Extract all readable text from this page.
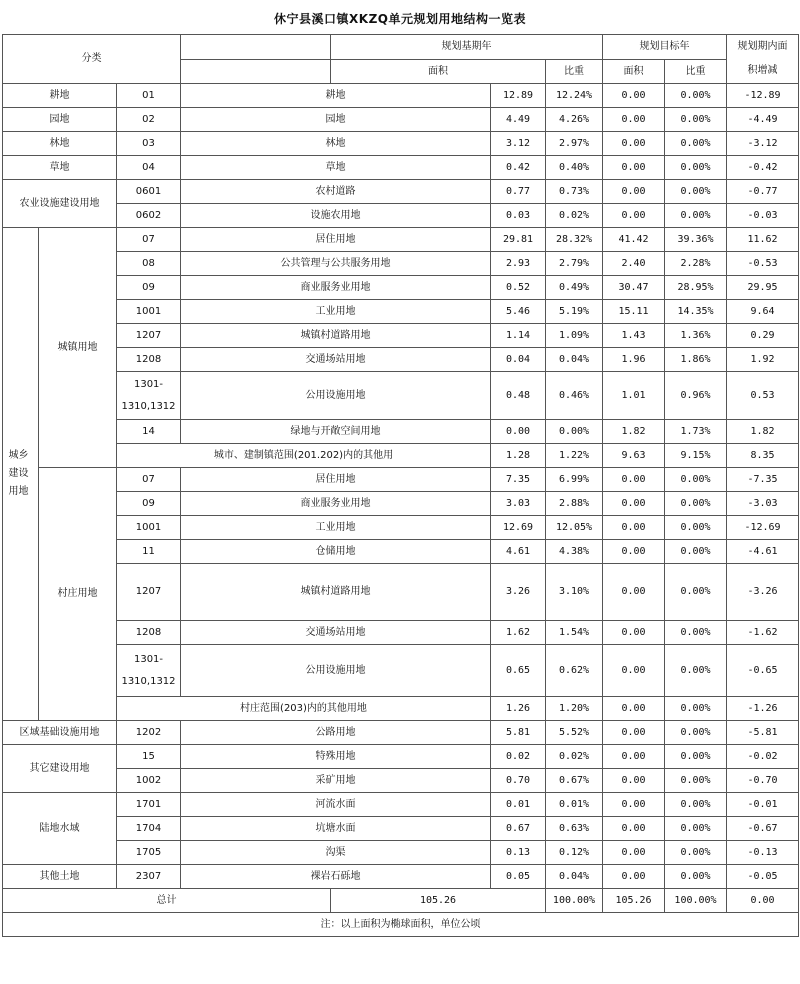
休宁县溪口镇XKZQ单元规划用地结构一览表
分类				规划基期年			规划目标年		规划期内面
				面积		比重	面积	比重	积增减
耕地		01	耕地		12.89	12.24%	0.00	0.00%	-12.89
园地		02	园地		4.49	4.26%	0.00	0.00%	-4.49
林地		03	林地		3.12	2.97%	0.00	0.00%	-3.12
草地		04	草地		0.42	0.40%	0.00	0.00%	-0.42
农业设施建设用地		0601	农村道路		0.77	0.73%	0.00	0.00%	-0.77
		0602	设施农用地		0.03	0.02%	0.00	0.00%	-0.03
城乡建设用地	城镇用地	07	居住用地		29.81	28.32%	41.42	39.36%	11.62
		08	公共管理与公共服务用地		2.93	2.79%	2.40	2.28%	-0.53
		09	商业服务业用地		0.52	0.49%	30.47	28.95%	29.95
		1001	工业用地		5.46	5.19%	15.11	14.35%	9.64
		1207	城镇村道路用地		1.14	1.09%	1.43	1.36%	0.29
		1208	交通场站用地		0.04	0.04%	1.96	1.86%	1.92
		1301-
1310,1312	公用设施用地		0.48	0.46%	1.01	0.96%	0.53
		14	绿地与开敞空间用地		0.00	0.00%	1.82	1.73%	1.82
		城市、建制镇范围(201.202)内的其他用			1.28	1.22%	9.63	9.15%	8.35
	村庄用地	07	居住用地		7.35	6.99%	0.00	0.00%	-7.35
		09	商业服务业用地		3.03	2.88%	0.00	0.00%	-3.03
		1001	工业用地		12.69	12.05%	0.00	0.00%	-12.69
		11	仓储用地		4.61	4.38%	0.00	0.00%	-4.61
		1207	城镇村道路用地		3.26	3.10%	0.00	0.00%	-3.26
		1208	交通场站用地		1.62	1.54%	0.00	0.00%	-1.62
		1301-
1310,1312	公用设施用地		0.65	0.62%	0.00	0.00%	-0.65
		村庄范围(203)内的其他用地			1.26	1.20%	0.00	0.00%	-1.26
区域基础设施用地		1202	公路用地		5.81	5.52%	0.00	0.00%	-5.81
其它建设用地		15	特殊用地		0.02	0.02%	0.00	0.00%	-0.02
		1002	采矿用地		0.70	0.67%	0.00	0.00%	-0.70
陆地水域		1701	河流水面		0.01	0.01%	0.00	0.00%	-0.01
		1704	坑塘水面		0.67	0.63%	0.00	0.00%	-0.67
		1705	沟渠		0.13	0.12%	0.00	0.00%	-0.13
其他土地		2307	裸岩石砾地		0.05	0.04%	0.00	0.00%	-0.05
总计				105.26		100.00%	105.26	100.00%	0.00
注：以上面积为椭球面积，单位公顷									
